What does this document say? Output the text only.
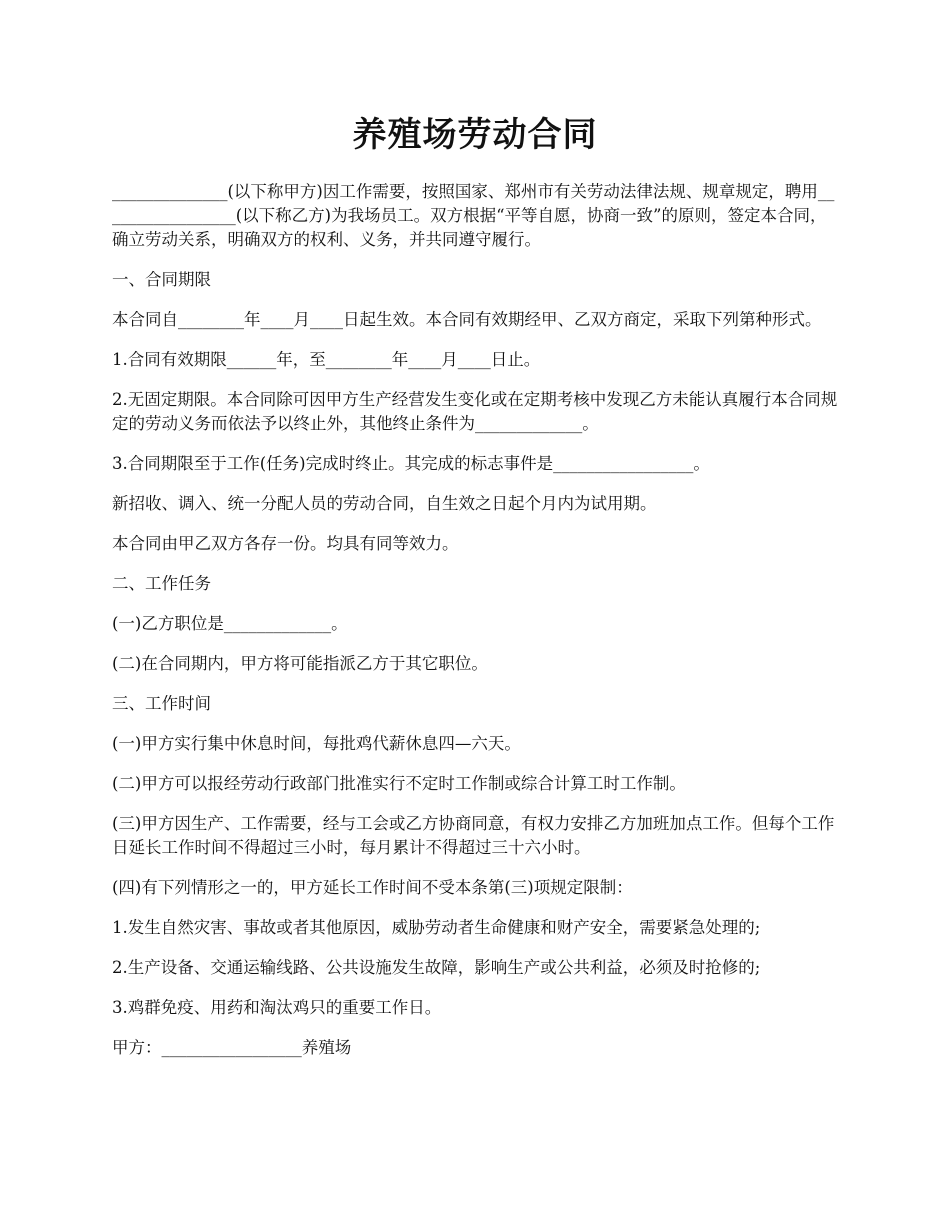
养殖场劳动合同

______________(以下称甲方)因工作需要，按照国家、郑州市有关劳动法律法规、规章规定，聘用_________________(以下称乙方)为我场员工。双方根据“平等自愿，协商一致”的原则，签定本合同，确立劳动关系，明确双方的权利、义务，并共同遵守履行。

一、合同期限

本合同自________年____月____日起生效。本合同有效期经甲、乙双方商定，采取下列第种形式。

1.合同有效期限______年，至________年____月____日止。

2.无固定期限。本合同除可因甲方生产经营发生变化或在定期考核中发现乙方未能认真履行本合同规定的劳动义务而依法予以终止外，其他终止条件为_____________。

3.合同期限至于工作(任务)完成时终止。其完成的标志事件是_________________。

新招收、调入、统一分配人员的劳动合同，自生效之日起个月内为试用期。

本合同由甲乙双方各存一份。均具有同等效力。

二、工作任务

(一)乙方职位是_____________。

(二)在合同期内，甲方将可能指派乙方于其它职位。

三、工作时间

(一)甲方实行集中休息时间，每批鸡代薪休息四—六天。

(二)甲方可以报经劳动行政部门批准实行不定时工作制或综合计算工时工作制。

(三)甲方因生产、工作需要，经与工会或乙方协商同意，有权力安排乙方加班加点工作。但每个工作日延长工作时间不得超过三小时，每月累计不得超过三十六小时。

(四)有下列情形之一的，甲方延长工作时间不受本条第(三)项规定限制：

1.发生自然灾害、事故或者其他原因，威胁劳动者生命健康和财产安全，需要紧急处理的;

2.生产设备、交通运输线路、公共设施发生故障，影响生产或公共利益，必须及时抢修的;

3.鸡群免疫、用药和淘汰鸡只的重要工作日。

甲方：_________________养殖场
